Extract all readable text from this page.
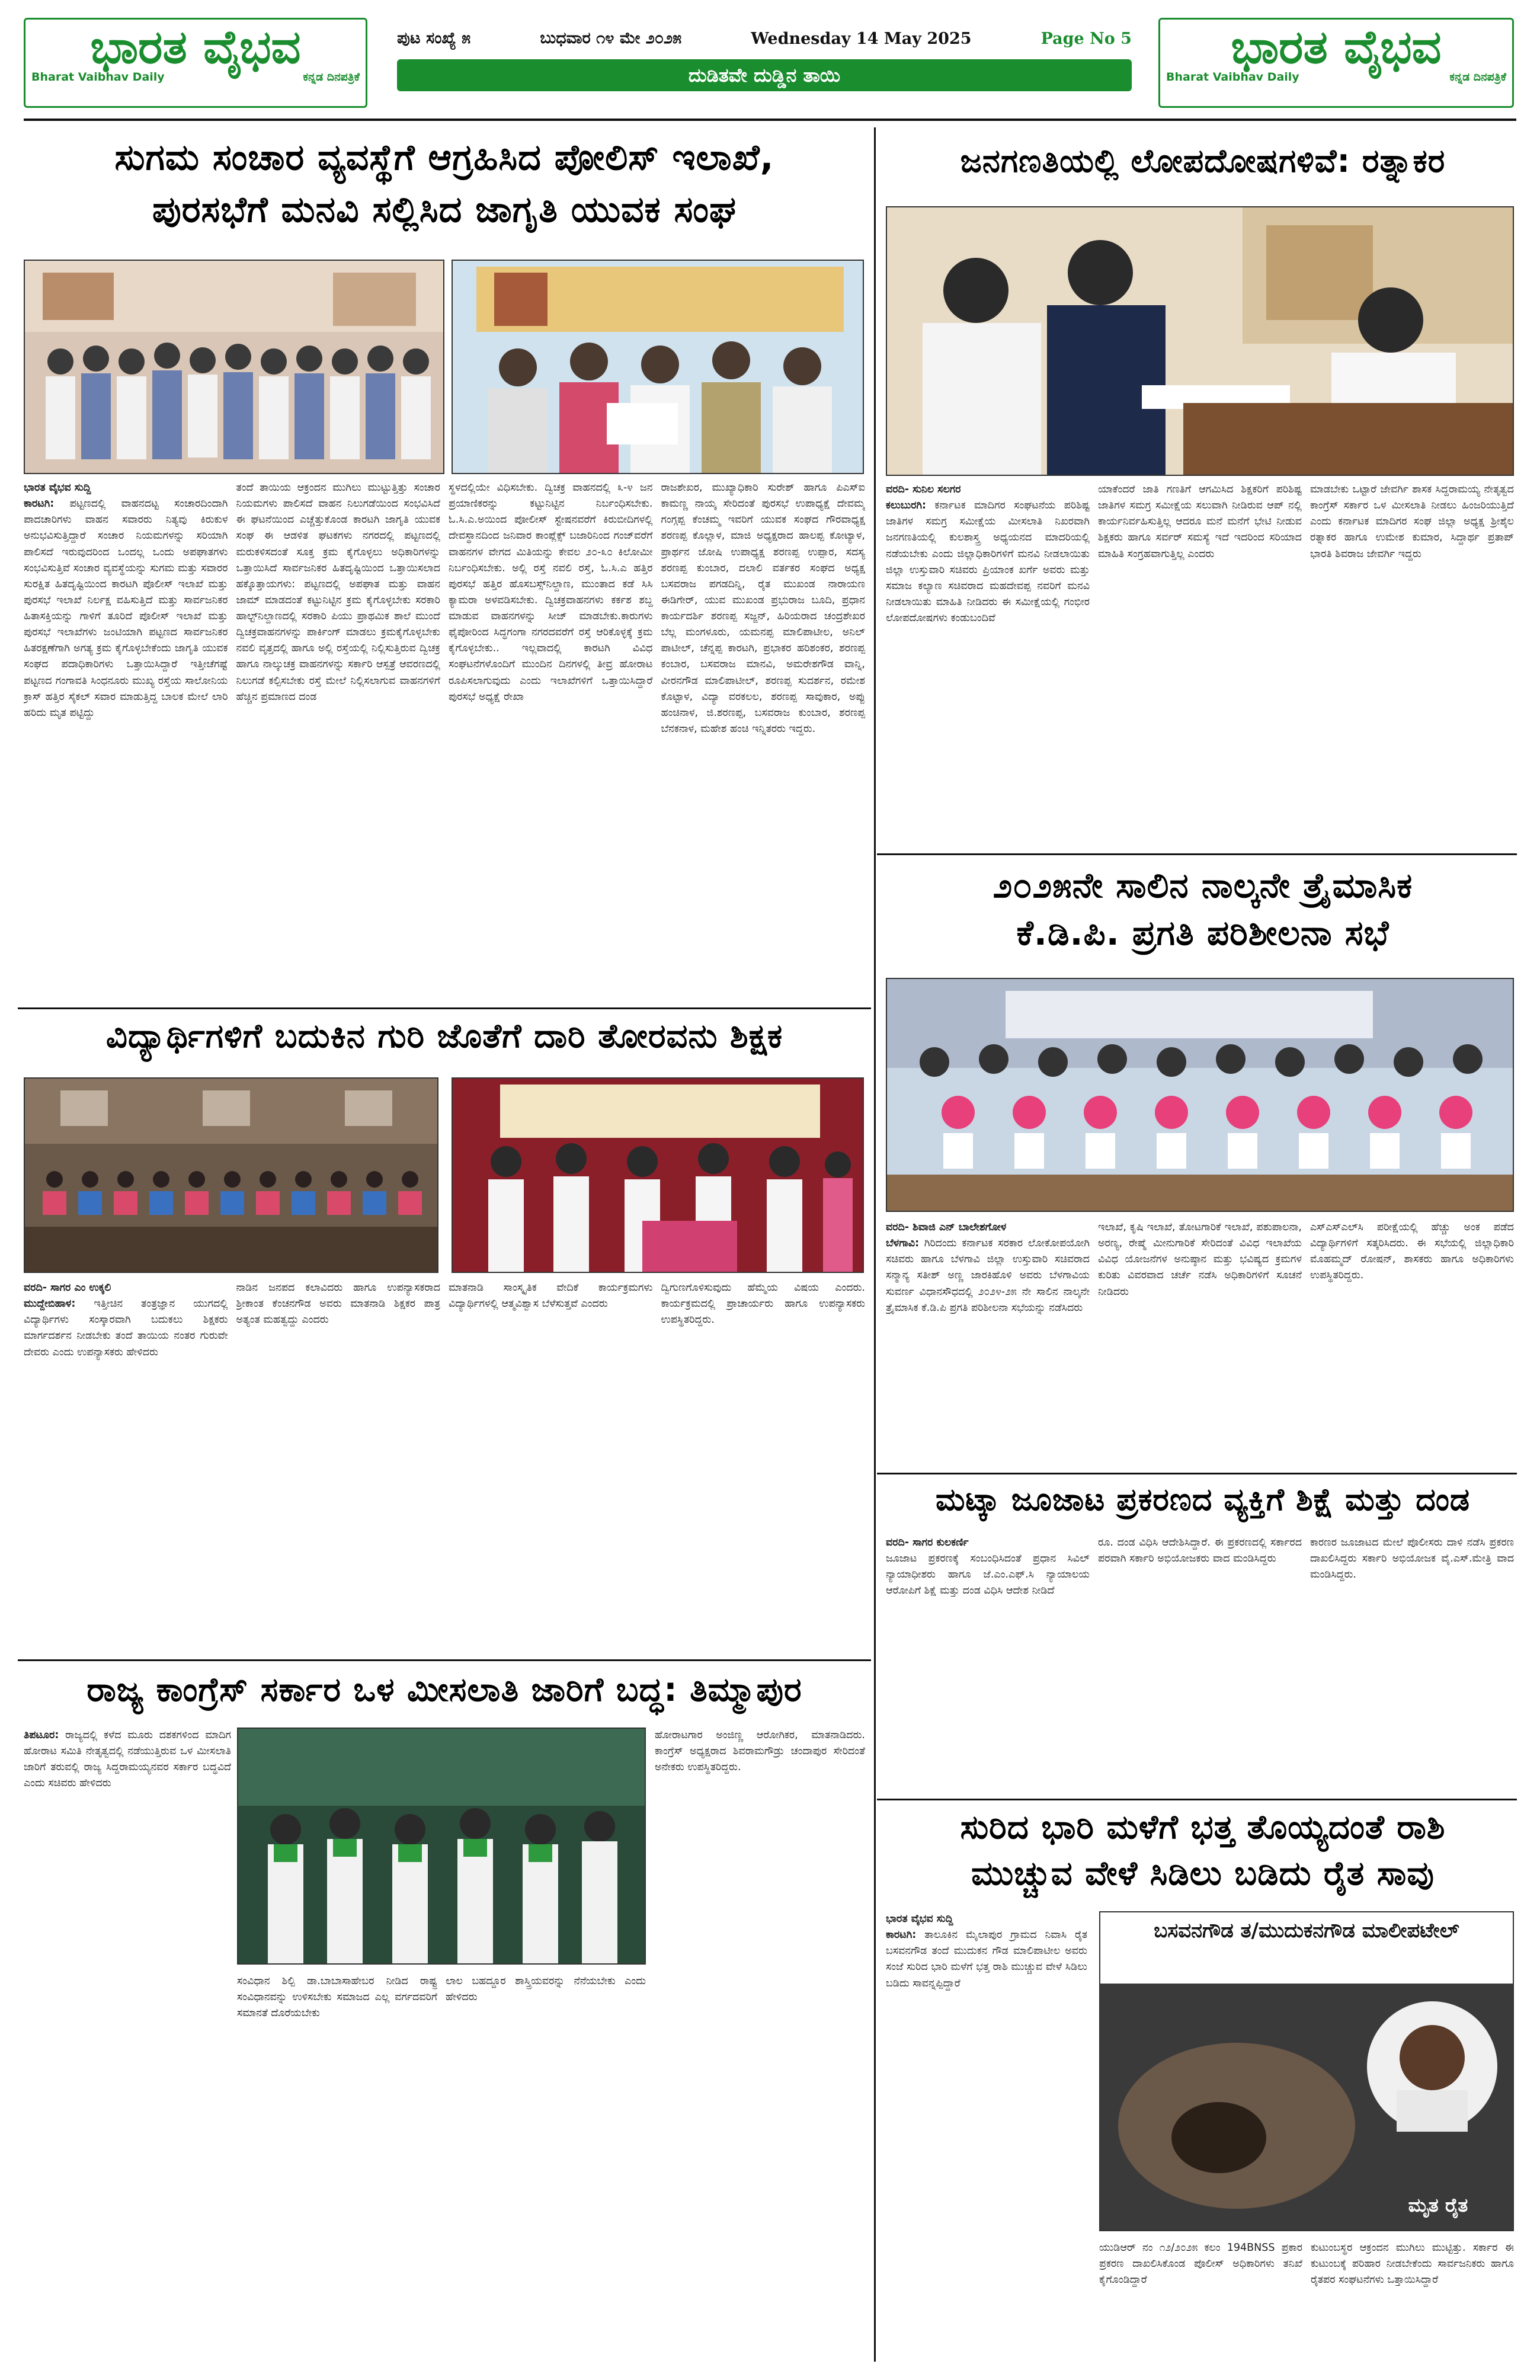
ಭಾರತ ವೈಭವ
Bharat Vaibhav Daily	ಕನ್ನಡ ದಿನಪತ್ರಿಕೆ
ಭಾರತ ವೈಭವ
Bharat Vaibhav Daily	ಕನ್ನಡ ದಿನಪತ್ರಿಕೆ
ಪುಟ ಸಂಖ್ಯೆ ೫	ಬುಧವಾರ ೧೪ ಮೇ ೨೦೨೫	Wednesday 14 May 2025	Page No 5
ದುಡಿತವೇ ದುಡ್ಡಿನ ತಾಯಿ
ಸುಗಮ ಸಂಚಾರ ವ್ಯವಸ್ಥೆಗೆ ಆಗ್ರಹಿಸಿದ ಪೋಲಿಸ್ ಇಲಾಖೆ,
ಪುರಸಭೆಗೆ ಮನವಿ ಸಲ್ಲಿಸಿದ ಜಾಗೃತಿ ಯುವಕ ಸಂಘ
ಭಾರತ ವೈಭವ ಸುದ್ದಿ
ಕಾರಟಗಿ: ಪಟ್ಟಣದಲ್ಲಿ ವಾಹನದಟ್ಟ ಸಂಚಾರದಿಂದಾಗಿ ಪಾದಚಾರಿಗಳು ವಾಹನ ಸವಾರರು ನಿತ್ಯವು ಕಿರುಕುಳ ಅನುಭವಿಸುತ್ತಿದ್ದಾರೆ ಸಂಚಾರ ನಿಯಮಗಳನ್ನು ಸರಿಯಾಗಿ ಪಾಲಿಸದೆ ಇರುವುದರಿಂದ ಒಂದಲ್ಲ ಒಂದು ಅಪಘಾತಗಳು ಸಂಭವಿಸುತ್ತಿವೆ ಸಂಚಾರ ವ್ಯವಸ್ಥೆಯನ್ನು ಸುಗಮ ಮತ್ತು ಸವಾರರ ಸುರಕ್ಷಿತ ಹಿತದೃಷ್ಟಿಯಿಂದ ಕಾರಟಗಿ ಪೊಲೀಸ್ ಇಲಾಖೆ ಮತ್ತು ಪುರಸಭೆ ಇಲಾಖೆ ನಿರ್ಲಕ್ಷ ವಹಿಸುತ್ತಿದೆ ಮತ್ತು ಸಾರ್ವಜನಿಕರ ಹಿತಾಸಕ್ತಿಯನ್ನು ಗಾಳಿಗೆ ತೂರಿದೆ ಪೊಲೀಸ್ ಇಲಾಖೆ ಮತ್ತು ಪುರಸಭೆ ಇಲಾಖೆಗಳು ಜಂಟಿಯಾಗಿ ಪಟ್ಟಣದ ಸಾರ್ವಜನಿಕರ ಹಿತರಕ್ಷಣೆಗಾಗಿ ಅಗತ್ಯ ಕ್ರಮ ಕೈಗೊಳ್ಳಬೇಕೆಂದು ಜಾಗೃತಿ ಯುವಕ ಸಂಘದ ಪದಾಧಿಕಾರಿಗಳು ಒತ್ತಾಯಿಸಿದ್ದಾರೆ ಇತ್ತೀಚೆಗಷ್ಟೆ ಪಟ್ಟಣದ ಗಂಗಾವತಿ ಸಿಂಧನೂರು ಮುಖ್ಯ ರಸ್ತೆಯ ಸಾಲೋನಿಯ ಕ್ರಾಸ್ ಹತ್ತಿರ ಸೈಕಲ್ ಸವಾರ ಮಾಡುತ್ತಿದ್ದ ಬಾಲಕ ಮೇಲೆ ಲಾರಿ ಹರಿದು ಮೃತ ಪಟ್ಟಿದ್ದು
ತಂದೆ ತಾಯಿಯ ಆಕ್ರಂದನ ಮುಗಿಲು ಮುಟ್ಟುತ್ತಿತ್ತು ಸಂಚಾರ ನಿಯಮಗಳು ಪಾಲಿಸದೆ ವಾಹನ ನಿಲುಗಡೆಯಿಂದ ಸಂಭವಿಸಿದೆ ಈ ಘಟನೆಯಿಂದ ಎಚ್ಚೆತ್ತುಕೊಂಡ ಕಾರಟಗಿ ಜಾಗೃತಿ ಯುವಕ ಸಂಘ ಈ ಆಡಳಿತ ಘಟಕಗಳು ನಗರದಲ್ಲಿ ಪಟ್ಟಣದಲ್ಲಿ ಮರುಕಳಿಸದಂತೆ ಸೂಕ್ತ ಕ್ರಮ ಕೈಗೊಳ್ಳಲು ಅಧಿಕಾರಿಗಳನ್ನು ಒತ್ತಾಯಿಸಿದೆ ಸಾರ್ವಜನಿಕರ ಹಿತದೃಷ್ಟಿಯಿಂದ ಒತ್ತಾಯಿಸಲಾದ ಹಕ್ಕೊತ್ತಾಯಗಳು: ಪಟ್ಟಣದಲ್ಲಿ ಅಪಘಾತ ಮತ್ತು ವಾಹನ ಜಾಮ್ ಮಾಡದಂತೆ ಕಟ್ಟುನಿಟ್ಟಿನ ಕ್ರಮ ಕೈಗೊಳ್ಳಬೇಕು ಸರಕಾರಿ ಹಾಲ್ಟ್‌ನಿಲ್ದಾಣದಲ್ಲಿ ಸರಕಾರಿ ಪಿಯು ಪ್ರಾಥಮಿಕ ಶಾಲೆ ಮುಂದೆ ದ್ವಿಚಕ್ರವಾಹನಗಳನ್ನು ಪಾರ್ಕಿಂಗ್ ಮಾಡಲು ಕ್ರಮಕೈಗೊಳ್ಳಬೇಕು ನವಲಿ ವೃತ್ತದಲ್ಲಿ ಹಾಗೂ ಅಲ್ಲಿ ರಸ್ತೆಯಲ್ಲಿ ನಿಲ್ಲಿಸುತ್ತಿರುವ ದ್ವಿಚಕ್ರ ಹಾಗೂ ನಾಲ್ಕುಚಕ್ರ ವಾಹನಗಳನ್ನು ಸರ್ಕಾರಿ ಆಸ್ಪತ್ರೆ ಆವರಣದಲ್ಲಿ ನಿಲುಗಡೆ ಕಲ್ಪಿಸಬೇಕು ರಸ್ತೆ ಮೇಲೆ ನಿಲ್ಲಿಸಲಾಗುವ ವಾಹನಗಳಿಗೆ ಹೆಚ್ಚಿನ ಪ್ರಮಾಣದ ದಂಡ
ಸ್ಥಳದಲ್ಲಿಯೇ ವಿಧಿಸಬೇಕು. ದ್ವಿಚಕ್ರ ವಾಹನದಲ್ಲಿ ೩-೪ ಜನ ಪ್ರಯಾಣಿಕರನ್ನು ಕಟ್ಟುನಿಟ್ಟಿನ ನಿರ್ಬಂಧಿಸಬೇಕು. ಓ.ಸಿ.ಎ.ಅಯಿಂದ ಪೋಲೀಸ್ ಸ್ಟೇಷನವರೆಗೆ ಕಿರುಬೀದಿಗಳಲ್ಲಿ ದೇವಸ್ಥಾನದಿಂದ ಜನಿವಾರ ಕಾಂಪ್ಲೆಕ್ಸ್ ಬಜಾರಿನಿಂದ ಗಂಜ್‌ವರೆಗೆ ವಾಹನಗಳ ವೇಗದ ಮಿತಿಯನ್ನು ಕೇವಲ ೨೦-೩೦ ಕಿಲೋಮೀ ನಿರ್ಬಂಧಿಸಬೇಕು. ಅಲ್ಲಿ ರಸ್ತೆ ನವಲಿ ರಸ್ತೆ, ಓ.ಸಿ.ಎ ಹತ್ತಿರ ಪುರಸಭೆ ಹತ್ತಿರ ಹೊಸಬಸ್ಸ್‌ನಿಲ್ದಾಣ, ಮುಂತಾದ ಕಡೆ ಸಿಸಿ ಕ್ಯಾಮರಾ ಅಳವಡಿಸಬೇಕು. ದ್ವಿಚಕ್ರವಾಹನಗಳು ಕರ್ಕಶ ಶಬ್ದ ಮಾಡುವ ವಾಹನಗಳನ್ನು ಸೀಜ್ ಮಾಡಬೇಕು.ಕಾರುಗಳು ಫೈಪೋರಿಂದ ಸಿದ್ಧಗಂಗಾ ನಗರದವರೆಗೆ ರಸ್ತೆ ಆರಿಕೊಳ್ಳಕ್ಕೆ ಕ್ರಮ ಕೈಗೊಳ್ಳಬೇಕು.. ಇಲ್ಲವಾದಲ್ಲಿ ಕಾರಟಗಿ ವಿವಿಧ ಸಂಘಟನೆಗಳೊಂದಿಗೆ ಮುಂದಿನ ದಿನಗಳಲ್ಲಿ ತೀವ್ರ ಹೋರಾಟ ರೂಪಿಸಲಾಗುವುದು ಎಂದು ಇಲಾಖೆಗಳಿಗೆ ಒತ್ತಾಯಿಸಿದ್ದಾರೆ ಪುರಸಭೆ ಅಧ್ಯಕ್ಷೆ ರೇಖಾ
ರಾಜಶೇಖರ, ಮುಖ್ಯಾಧಿಕಾರಿ ಸುರೇಶ್ ಹಾಗೂ ಪಿಎಸ್ಐ ಕಾಮಣ್ಣ ನಾಯ್ಕ ಸೇರಿದಂತೆ ಪುರಸಭೆ ಉಪಾಧ್ಯಕ್ಷೆ ದೇವಮ್ಮ ಗಂಗ್ಗಪ್ಪ ಕೆಂಚಮ್ಮ ಇವರಿಗೆ ಯುವಕ ಸಂಘದ ಗೌರವಾಧ್ಯಕ್ಷ ಶರಣಪ್ಪ ಕೊಲ್ಲಾಳ, ಮಾಜಿ ಅಧ್ಯಕ್ಷರಾದ ಹಾಲಪ್ಪ ಕೋಟ್ಯಾಳ, ಪ್ರಾರ್ಥನ ಜೋಷಿ ಉಪಾಧ್ಯಕ್ಷ ಶರಣಪ್ಪ ಉಪ್ಪಾರ, ಸದಸ್ಯ ಶರಣಪ್ಪ ಕುಂಬಾರ, ದಲಾಲಿ ವರ್ತಕರ ಸಂಘದ ಅಧ್ಯಕ್ಷ ಬಸವರಾಜ ಪಗಡದಿನ್ನಿ, ರೈತ ಮುಖಂಡ ನಾರಾಯಣ ಈಡಿಗೇರ್, ಯುವ ಮುಖಂಡ ಪ್ರಭುರಾಜ ಬೂದಿ, ಪ್ರಧಾನ ಕಾರ್ಯದರ್ಶಿ ಶರಣಪ್ಪ ಸಜ್ಜನ್, ಹಿರಿಯರಾದ ಚಂದ್ರಶೇಖರ ಬೆಲ್ಲ ಮಂಗಳೂರು, ಯಮನಪ್ಪ ಮಾಲಿಪಾಟೀಲ, ಅನಿಲ್ ಪಾಟೀಲ್, ಚೆನ್ನಪ್ಪ ಕಾರಟಗಿ, ಪ್ರಭಾಕರ ಹರಿಶಂಕರ, ಶರಣಪ್ಪ ಕಂಬಾರ, ಬಸವರಾಜ ಮಾನವಿ, ಅಮರೇಶಗೌಡ ವಾನ್ನಿ, ವೀರನಗೌಡ ಮಾಲಿಪಾಟೀಲ್, ಶರಣಪ್ಪ ಸುದರ್ಶನ, ರಮೇಶ ಕೊಟ್ಟಾಳ, ವಿದ್ಯಾ ವರಕಲಲ, ಶರಣಪ್ಪ ಸಾವುಕಾರ, ಅಪ್ಪು ಹಂಚಿನಾಳ, ಜಿ.ಶರಣಪ್ಪ, ಬಸವರಾಜ ಕುಂಬಾರ, ಶರಣಪ್ಪ ಬೆನಕನಾಳ, ಮಹೇಶ ಹಂಚಿ ಇನ್ನಿತರರು ಇದ್ದರು.
ಜನಗಣತಿಯಲ್ಲಿ ಲೋಪದೋಷಗಳಿವೆ: ರತ್ನಾಕರ
ವರದಿ- ಸುನಿಲ ಸಲಗರ
ಕಲುಬುರಗಿ: ಕರ್ನಾಟಕ ಮಾದಿಗರ ಸಂಘಟನೆಯ ಪರಿಶಿಷ್ಟ ಜಾತಿಗಳ ಸಮಗ್ರ ಸಮೀಕ್ಷೆಯ ಮೀಸಲಾತಿ ನಿಖರವಾಗಿ ಜನಗಣತಿಯಲ್ಲಿ ಕುಲಶಾಸ್ತ್ರ ಅಧ್ಯಯನದ ಮಾದರಿಯಲ್ಲಿ ನಡೆಯಬೇಕು ಎಂದು ಜಿಲ್ಲಾಧಿಕಾರಿಗಳಿಗೆ ಮನವಿ ನೀಡಲಾಯಿತು ಜಿಲ್ಲಾ ಉಸ್ತುವಾರಿ ಸಚಿವರು ಪ್ರಿಯಾಂಕ ಖರ್ಗೆ ಅವರು ಮತ್ತು ಸಮಾಜ ಕಲ್ಯಾಣ ಸಚಿವರಾದ ಮಹದೇವಪ್ಪ ನವರಿಗೆ ಮನವಿ ನೀಡಲಾಯಿತು ಮಾಹಿತಿ ನೀಡಿದರು ಈ ಸಮೀಕ್ಷೆಯಲ್ಲಿ ಗಂಭೀರ ಲೋಪದೋಷಗಳು ಕಂಡುಬಂದಿವೆ
ಯಾಕೆಂದರೆ ಜಾತಿ ಗಣತಿಗೆ ಆಗಮಿಸಿದ ಶಿಕ್ಷಕರಿಗೆ ಪರಿಶಿಷ್ಟ ಜಾತಿಗಳ ಸಮಗ್ರ ಸಮೀಕ್ಷೆಯ ಸಲುವಾಗಿ ನೀಡಿರುವ ಆಪ್ ನಲ್ಲಿ ಕಾರ್ಯನಿರ್ವಹಿಸುತ್ತಿಲ್ಲ ಆದರೂ ಮನೆ ಮನೆಗೆ ಭೇಟಿ ನೀಡುವ ಶಿಕ್ಷಕರು ಹಾಗೂ ಸರ್ವರ್ ಸಮಸ್ಯೆ ಇದೆ ಇದರಿಂದ ಸರಿಯಾದ ಮಾಹಿತಿ ಸಂಗ್ರಹವಾಗುತ್ತಿಲ್ಲ ಎಂದರು
ಮಾಡಬೇಕು ಒಟ್ಟಾರೆ ಜೇವರ್ಗಿ ಶಾಸಕ ಸಿದ್ದರಾಮಯ್ಯ ನೇತೃತ್ವದ ಕಾಂಗ್ರೆಸ್ ಸರ್ಕಾರ ಒಳ ಮೀಸಲಾತಿ ನೀಡಲು ಹಿಂಜರಿಯುತ್ತಿದೆ ಎಂದು ಕರ್ನಾಟಕ ಮಾದಿಗರ ಸಂಘ ಜಿಲ್ಲಾ ಅಧ್ಯಕ್ಷ ಶ್ರೀಶೈಲ ರತ್ನಾಕರ ಹಾಗೂ ಉಮೇಶ ಕುಮಾರ, ಸಿದ್ದಾರ್ಥ ಪ್ರತಾಪ್ ಭಾರತಿ ಶಿವರಾಜ ಜೇವರ್ಗಿ ಇದ್ದರು
೨೦೨೫ನೇ ಸಾಲಿನ ನಾಲ್ಕನೇ ತ್ರೈಮಾಸಿಕ
ಕೆ.ಡಿ.ಪಿ. ಪ್ರಗತಿ ಪರಿಶೀಲನಾ ಸಭೆ
ವರದಿ- ಶಿವಾಜಿ ಎನ್ ಬಾಲೇಶಗೋಳ
ಬೆಳಗಾವಿ: ಗಿರಿದಂದು ಕರ್ನಾಟಕ ಸರಕಾರ ಲೋಕೋಪಯೋಗಿ ಸಚಿವರು ಹಾಗೂ ಬೆಳಗಾವಿ ಜಿಲ್ಲಾ ಉಸ್ತುವಾರಿ ಸಚಿವರಾದ ಸನ್ಮಾನ್ಯ ಸತೀಶ್ ಅಣ್ಣ ಜಾರಕಿಹೊಳಿ ಅವರು ಬೆಳಗಾವಿಯ ಸುವರ್ಣ ವಿಧಾನಸೌಧದಲ್ಲಿ ೨೦೨೪-೨೫ ನೇ ಸಾಲಿನ ನಾಲ್ಕನೇ ತ್ರೈಮಾಸಿಕ ಕೆ.ಡಿ.ಪಿ ಪ್ರಗತಿ ಪರಿಶೀಲನಾ ಸಭೆಯನ್ನು ನಡೆಸಿದರು
ಇಲಾಖೆ, ಕೃಷಿ ಇಲಾಖೆ, ತೋಟಗಾರಿಕೆ ಇಲಾಖೆ, ಪಶುಪಾಲನಾ, ಅರಣ್ಯ, ರೇಷ್ಮೆ ಮೀನುಗಾರಿಕೆ ಸೇರಿದಂತೆ ವಿವಿಧ ಇಲಾಖೆಯ ವಿವಿಧ ಯೋಜನೆಗಳ ಅನುಷ್ಠಾನ ಮತ್ತು ಭವಿಷ್ಯದ ಕ್ರಮಗಳ ಕುರಿತು ವಿವರವಾದ ಚರ್ಚೆ ನಡೆಸಿ ಅಧಿಕಾರಿಗಳಿಗೆ ಸೂಚನೆ ನೀಡಿದರು
ಎಸ್ಎಸ್ಎಲ್‌ಸಿ ಪರೀಕ್ಷೆಯಲ್ಲಿ ಹೆಚ್ಚು ಅಂಕ ಪಡೆದ ವಿದ್ಯಾರ್ಥಿಗಳಿಗೆ ಸತ್ಕರಿಸಿದರು. ಈ ಸಭೆಯಲ್ಲಿ ಜಿಲ್ಲಾಧಿಕಾರಿ ಮೊಹಮ್ಮದ್ ರೋಷನ್, ಶಾಸಕರು ಹಾಗೂ ಅಧಿಕಾರಿಗಳು ಉಪಸ್ಥಿತರಿದ್ದರು.
ವಿದ್ಯಾರ್ಥಿಗಳಿಗೆ ಬದುಕಿನ ಗುರಿ ಜೊತೆಗೆ ದಾರಿ ತೋರವನು ಶಿಕ್ಷಕ
ವರದಿ- ಸಾಗರ ಎಂ ಉಕ್ಕಲಿ
ಮುದ್ದೇಬಿಹಾಳ: ಇತ್ತೀಚಿನ ತಂತ್ರಜ್ಞಾನ ಯುಗದಲ್ಲಿ ವಿದ್ಯಾರ್ಥಿಗಳು ಸಂಸ್ಕಾರವಾಗಿ ಬದುಕಲು ಶಿಕ್ಷಕರು ಮಾರ್ಗದರ್ಶನ ನೀಡಬೇಕು ತಂದೆ ತಾಯಿಯ ನಂತರ ಗುರುವೇ ದೇವರು ಎಂದು ಉಪನ್ಯಾಸಕರು ಹೇಳಿದರು
ನಾಡಿನ ಜನಪದ ಕಲಾವಿದರು ಹಾಗೂ ಉಪನ್ಯಾಸಕರಾದ ಶ್ರೀಕಾಂತ ಕೆಂಚನಗೌಡ ಅವರು ಮಾತನಾಡಿ ಶಿಕ್ಷಕರ ಪಾತ್ರ ಅತ್ಯಂತ ಮಹತ್ವದ್ದು ಎಂದರು
ಮಾತನಾಡಿ ಸಾಂಸ್ಕೃತಿಕ ವೇದಿಕೆ ಕಾರ್ಯಕ್ರಮಗಳು ವಿದ್ಯಾರ್ಥಿಗಳಲ್ಲಿ ಆತ್ಮವಿಶ್ವಾಸ ಬೆಳೆಸುತ್ತವೆ ಎಂದರು
ದ್ವಿಗುಣಗೊಳಿಸುವುದು ಹೆಮ್ಮೆಯ ವಿಷಯ ಎಂದರು. ಕಾರ್ಯಕ್ರಮದಲ್ಲಿ ಪ್ರಾಚಾರ್ಯರು ಹಾಗೂ ಉಪನ್ಯಾಸಕರು ಉಪಸ್ಥಿತರಿದ್ದರು.
ಮಟ್ಕಾ ಜೂಜಾಟ ಪ್ರಕರಣದ ವ್ಯಕ್ತಿಗೆ ಶಿಕ್ಷೆ ಮತ್ತು ದಂಡ
ವರದಿ- ಸಾಗರ ಕುಲಕರ್ಣಿ
ಜೂಜಾಟ ಪ್ರಕರಣಕ್ಕೆ ಸಂಬಂಧಿಸಿದಂತೆ ಪ್ರಧಾನ ಸಿವಿಲ್ ನ್ಯಾಯಾಧೀಶರು ಹಾಗೂ ಜೆ.ಎಂ.ಎಫ್.ಸಿ ನ್ಯಾಯಾಲಯ ಆರೋಪಿಗೆ ಶಿಕ್ಷೆ ಮತ್ತು ದಂಡ ವಿಧಿಸಿ ಆದೇಶ ನೀಡಿದೆ
ರೂ. ದಂಡ ವಿಧಿಸಿ ಆದೇಶಿಸಿದ್ದಾರೆ. ಈ ಪ್ರಕರಣದಲ್ಲಿ ಸರ್ಕಾರದ ಪರವಾಗಿ ಸರ್ಕಾರಿ ಅಭಿಯೋಜಕರು ವಾದ ಮಂಡಿಸಿದ್ದರು
ಕಾರಣರ ಜೂಜಾಟದ ಮೇಲೆ ಪೊಲೀಸರು ದಾಳಿ ನಡೆಸಿ ಪ್ರಕರಣ ದಾಖಲಿಸಿದ್ದರು ಸರ್ಕಾರಿ ಅಭಿಯೋಜಕ ವೈ.ಎಸ್.ಮೇತ್ರಿ ವಾದ ಮಂಡಿಸಿದ್ದರು.
ರಾಜ್ಯ ಕಾಂಗ್ರೆಸ್ ಸರ್ಕಾರ ಒಳ ಮೀಸಲಾತಿ ಜಾರಿಗೆ ಬದ್ಧ: ತಿಮ್ಮಾಪುರ
ತಿಪಟೂರ: ರಾಜ್ಯದಲ್ಲಿ ಕಳೆದ ಮೂರು ದಶಕಗಳಿಂದ ಮಾದಿಗ ಹೋರಾಟ ಸಮಿತಿ ನೇತೃತ್ವದಲ್ಲಿ ನಡೆಯುತ್ತಿರುವ ಒಳ ಮೀಸಲಾತಿ ಜಾರಿಗೆ ತರುವಲ್ಲಿ ರಾಜ್ಯ ಸಿದ್ದರಾಮಯ್ಯನವರ ಸರ್ಕಾರ ಬದ್ಧವಿದೆ ಎಂದು ಸಚಿವರು ಹೇಳಿದರು
ಸಂವಿಧಾನ ಶಿಲ್ಪಿ ಡಾ.ಬಾಬಾಸಾಹೇಬರ ನೀಡಿದ ರಾಷ್ಟ್ರ ಸಂವಿಧಾನವನ್ನು ಉಳಿಸಬೇಕು ಸಮಾಜದ ಎಲ್ಲ ವರ್ಗದವರಿಗೆ ಸಮಾನತೆ ದೊರೆಯಬೇಕು
ಲಾಲ ಬಹದ್ದೂರ ಶಾಸ್ತ್ರಿಯವರನ್ನು ನೆನೆಯಬೇಕು ಎಂದು ಹೇಳಿದರು
ಹೋರಾಟಗಾರ ಅಂಜಿಣ್ಣ ಆರೋಗಿಕರ, ಮಾತನಾಡಿದರು. ಕಾಂಗ್ರೆಸ್ ಅಧ್ಯಕ್ಷರಾದ ಶಿವರಾಮಗೌಡ್ರು ಚಂದಾಪುರ ಸೇರಿದಂತೆ ಅನೇಕರು ಉಪಸ್ಥಿತರಿದ್ದರು.
ಸುರಿದ ಭಾರಿ ಮಳೆಗೆ ಭತ್ತ ತೊಯ್ಯದಂತೆ ರಾಶಿ
ಮುಚ್ಚುವ ವೇಳೆ ಸಿಡಿಲು ಬಡಿದು ರೈತ ಸಾವು
ಭಾರತ ವೈಭವ ಸುದ್ದಿ
ಕಾರಟಗಿ: ತಾಲೂಕಿನ ಮೈಲಾಪುರ ಗ್ರಾಮದ ನಿವಾಸಿ ರೈತ ಬಸವನಗೌಡ ತಂದೆ ಮುದುಕನ ಗೌಡ ಮಾಲಿಪಾಟೀಲ ಅವರು ಸಂಜೆ ಸುರಿದ ಭಾರಿ ಮಳೆಗೆ ಭತ್ತ ರಾಶಿ ಮುಚ್ಚುವ ವೇಳೆ ಸಿಡಿಲು ಬಡಿದು ಸಾವನ್ನಪ್ಪಿದ್ದಾರೆ
ಬಸವನಗೌಡ ತ/ಮುದುಕನಗೌಡ ಮಾಲೀಪಟೇಲ್
ಮೃತ ರೈತ
ಯುಡಿಆರ್ ನಂ ೧೨/೨೦೨೫ ಕಲಂ 194BNSS ಪ್ರಕಾರ ಪ್ರಕರಣ ದಾಖಲಿಸಿಕೊಂಡ ಪೊಲೀಸ್ ಅಧಿಕಾರಿಗಳು ತನಿಖೆ ಕೈಗೊಂಡಿದ್ದಾರೆ
ಕುಟುಂಬಸ್ಥರ ಆಕ್ರಂದನ ಮುಗಿಲು ಮುಟ್ಟಿತ್ತು. ಸರ್ಕಾರ ಈ ಕುಟುಂಬಕ್ಕೆ ಪರಿಹಾರ ನೀಡಬೇಕೆಂದು ಸಾರ್ವಜನಿಕರು ಹಾಗೂ ರೈತಪರ ಸಂಘಟನೆಗಳು ಒತ್ತಾಯಿಸಿದ್ದಾರೆ
